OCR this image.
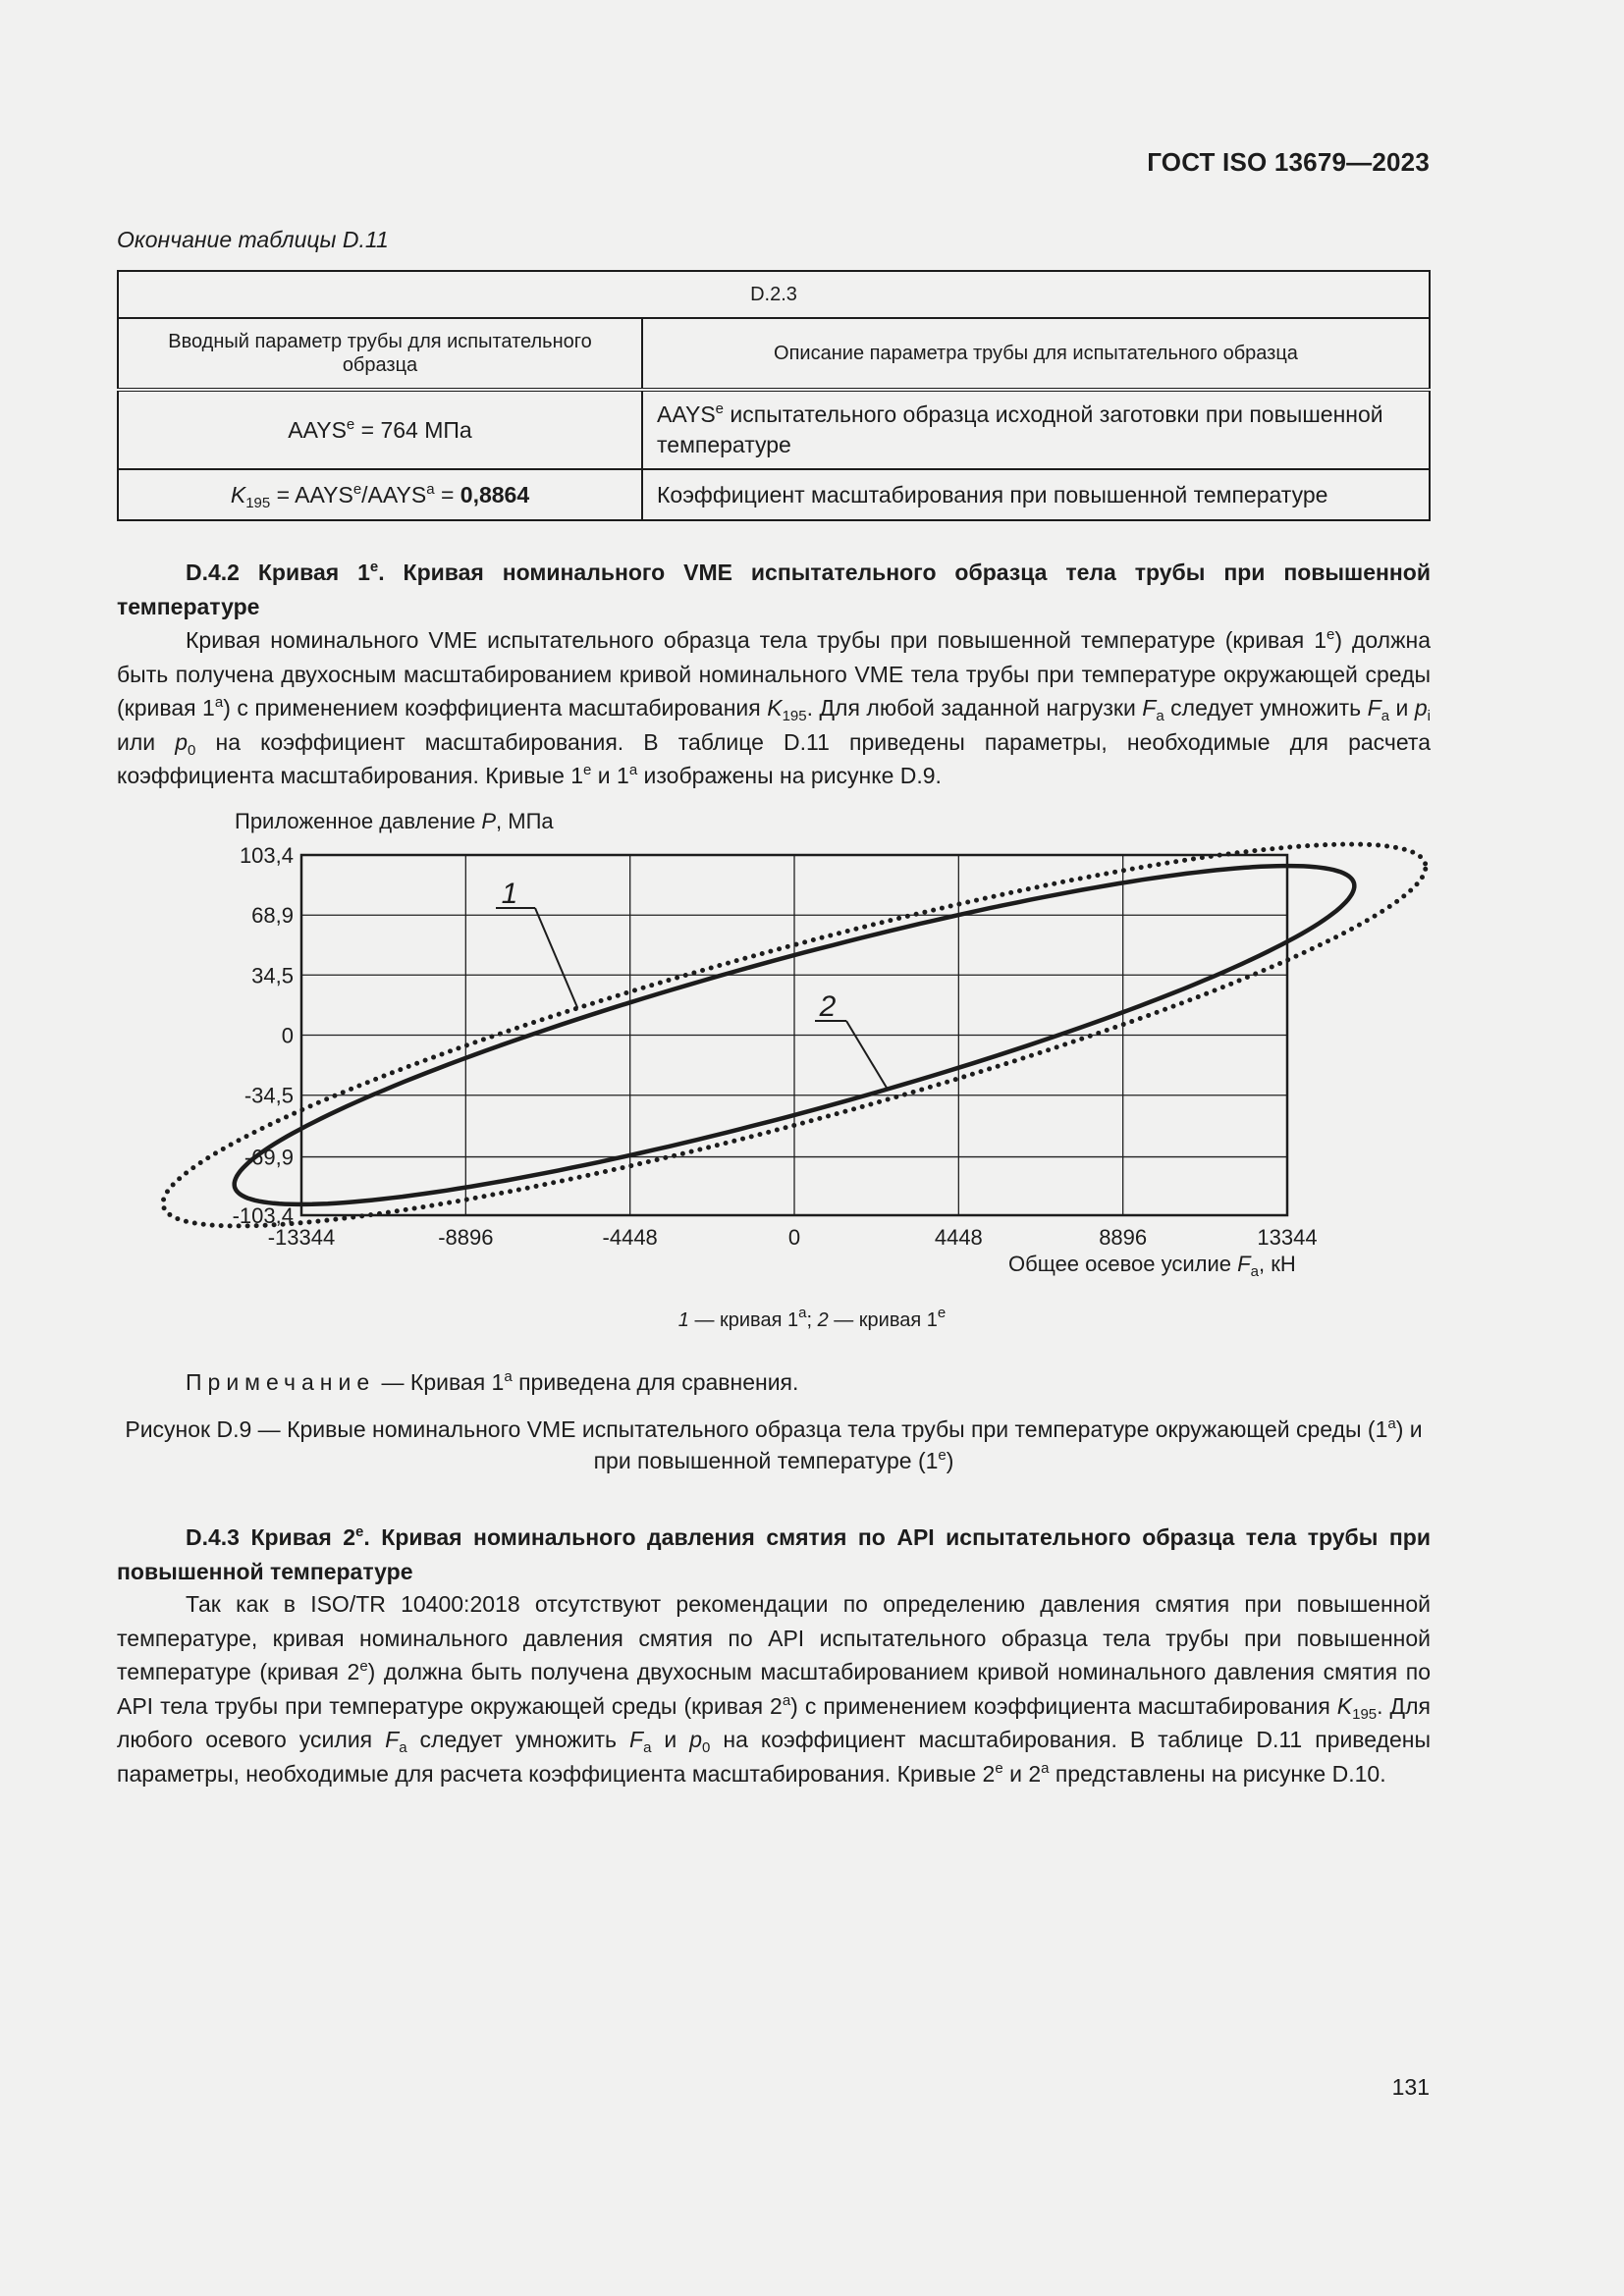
ГОСТ ISO 13679—2023
Окончание таблицы D.11
D.2.3	
Вводный параметр трубы для испытательного образца	Описание параметра трубы для испытательного образца
$AAYS^e = 764$ МПа	AAYS$^e$ испытательного образца исходной заготовки при повышенной температуре
$K_{195}$ = $AAYS^e/AAYS^a = 0,8864$	Коэффициент масштабирования при повышенной температуре

D.4.2 Кривая 1e. Кривая номинального VME испытательного образца тела трубы при повышенной температуре

Кривая номинального VME испытательного образца тела трубы при повышенной температуре (кривая 1e) должна быть получена двухосным масштабированием кривой номинального VME тела трубы при температуре окружающей среды (кривая 1$^a$) с применением коэффициента масштабирования $K_{195}$. Для любой заданной нагрузки $F_a$ следует умножить $F_a$ и $p_i$ или $p_0$ на коэффициент масштабирования. В таблице D.11 приведены параметры, необходимые для расчета коэффициента масштабирования. Кривые 1e и 1$^a$ изображены на рисунке D.9.

Приложенное давление P, МПа
1
2
-13344	-8896	-4448	0	4448	8896	13344
103,4
68,9
34,5
0
-34,5
-69,9
-103,4
Общее осевое усилие $F_a$, кН
1 — кривая 1$^a$; 2 — кривая 1e
Примечание — Кривая 1$^a$ приведена для сравнения.
Рисунок D.9 — Кривые номинального VME испытательного образца тела трубы при температуре окружающей среды (1$^a$) и при повышенной температуре (1e)

D.4.3 Кривая 2e. Кривая номинального давления смятия по API испытательного образца тела трубы при повышенной температуре

Так как в ISO/TR 10400:2018 отсутствуют рекомендации по определению давления смятия при повышенной температуре, кривая номинального давления смятия по API испытательного образца тела трубы при повышенной температуре (кривая 2e) должна быть получена двухосным масштабированием кривой номинального давления смятия по API тела трубы при температуре окружающей среды (кривая 2$^a$) с применением коэффициента масштабирования $K_{195}$. Для любого осевого усилия $F_a$ следует умножить $F_a$ и $p_0$ на коэффициент масштабирования. В таблице D.11 приведены параметры, необходимые для расчета коэффициента масштабирования. Кривые 2e и 2$^a$ представлены на рисунке D.10.

131
